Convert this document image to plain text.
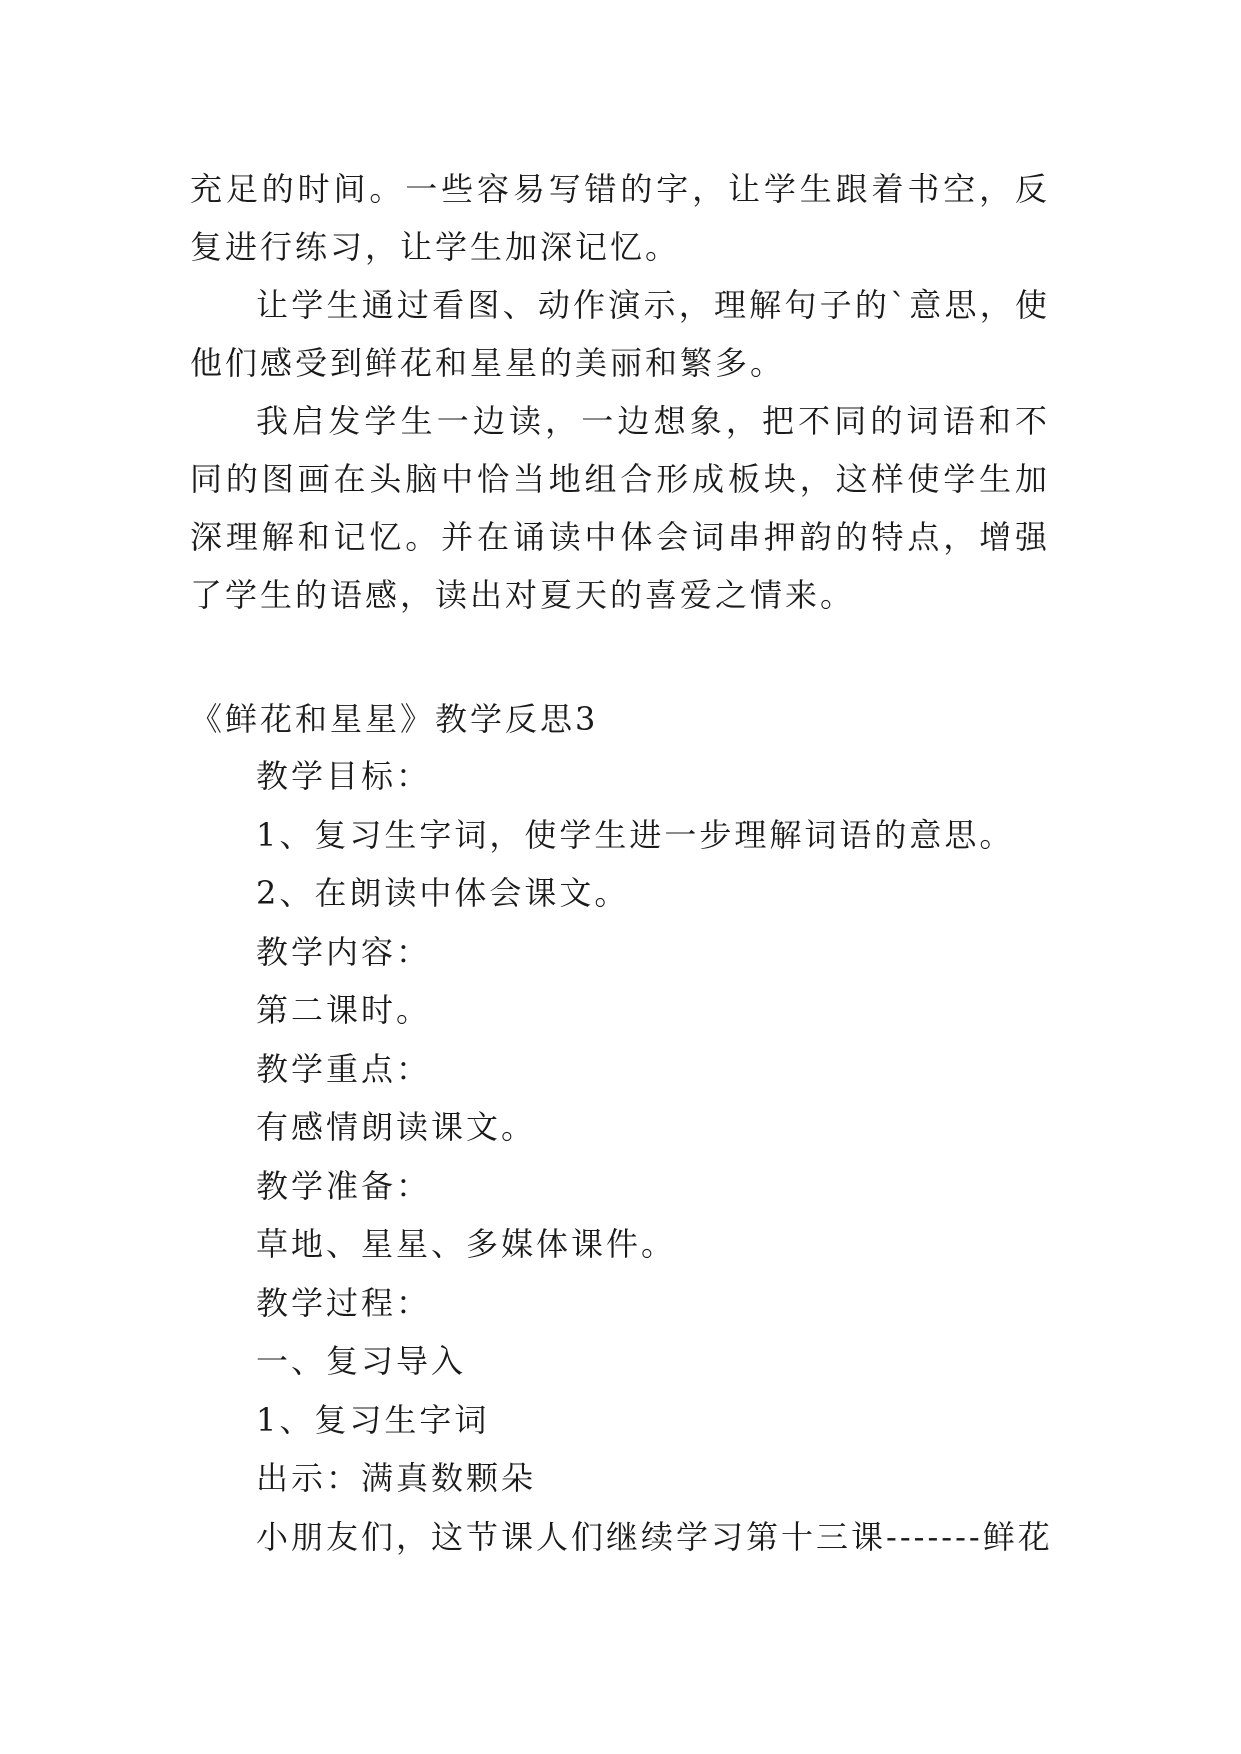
充足的时间。一些容易写错的字，让学生跟着书空，反复进行练习，让学生加深记忆。

让学生通过看图、动作演示，理解句子的`意思，使他们感受到鲜花和星星的美丽和繁多。

我启发学生一边读，一边想象，把不同的词语和不同的图画在头脑中恰当地组合形成板块，这样使学生加深理解和记忆。并在诵读中体会词串押韵的特点，增强了学生的语感，读出对夏天的喜爱之情来。

《鲜花和星星》教学反思3
教学目标：
1、复习生字词，使学生进一步理解词语的意思。
2、在朗读中体会课文。
教学内容：
第二课时。
教学重点：
有感情朗读课文。
教学准备：
草地、星星、多媒体课件。
教学过程：
一、复习导入
1、复习生字词
出示：满真数颗朵
小朋友们，这节课人们继续学习第十三课-------鲜花
